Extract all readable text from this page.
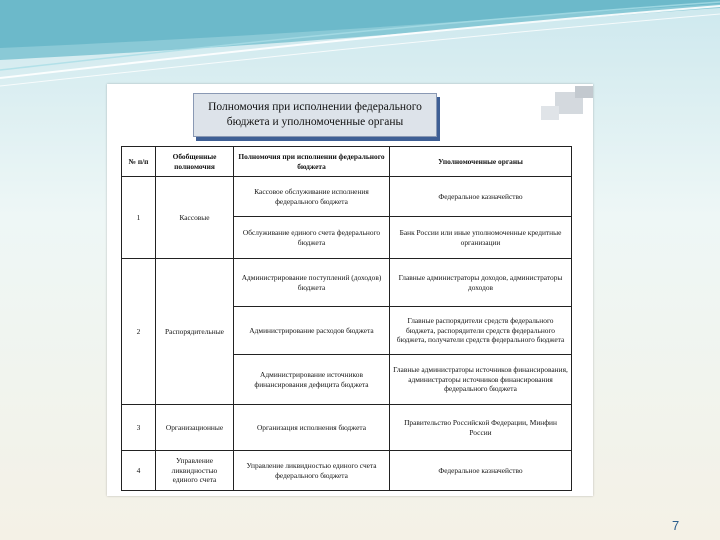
Полномочия при исполнении федерального
бюджета и уполномоченные органы
№ п/п	Обобщенные полномочия	Полномочия при исполнении федерального бюджета	Уполномоченные органы
1	Кассовые	Кассовое обслуживание исполнения федерального бюджета	Федеральное казначейство
		Обслуживание единого счета федерального бюджета	Банк России или иные уполномоченные кредитные организации
2	Распорядительные	Администрирование поступлений (доходов) бюджета	Главные администраторы доходов, администраторы доходов
		Администрирование расходов бюджета	Главные распорядители средств федерального бюджета, распорядители средств федерального бюджета, получатели средств федерального бюджета
		Администрирование источников финансирования дефицита бюджета	Главные администраторы источников финансирования, администраторы источников финансирования федерального бюджета
3	Организационные	Организация исполнения бюджета	Правительство Российской Федерации, Минфин России
4	Управление ликвидностью единого счета	Управление ликвидностью единого счета федерального бюджета	Федеральное казначейство
7
